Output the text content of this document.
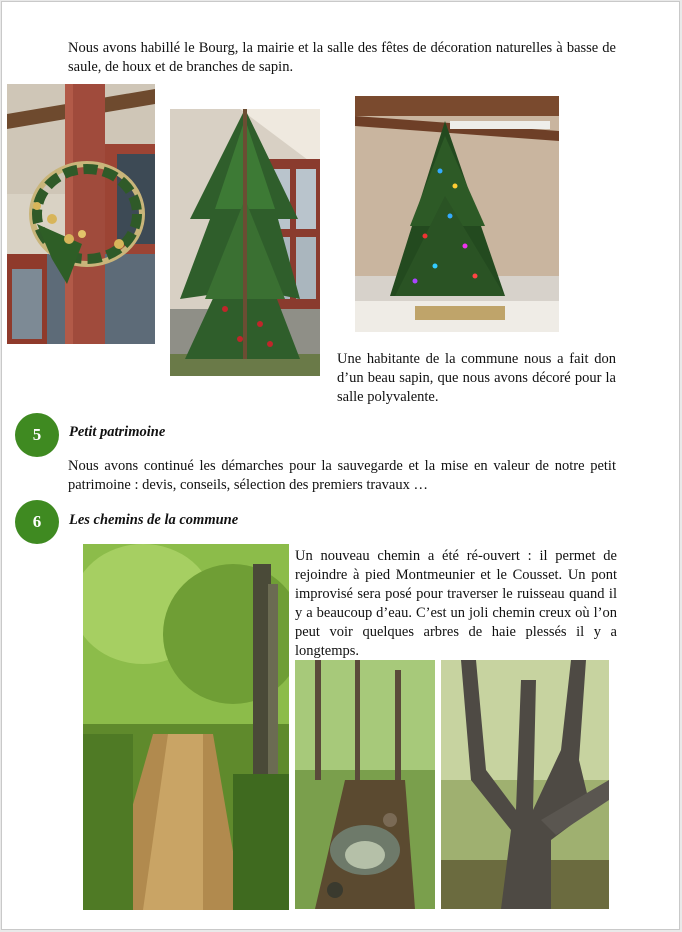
Nous avons habillé le Bourg, la mairie et la salle des fêtes de décoration naturelles à basse de saule, de houx et de branches de sapin.

Une habitante de la commune nous a fait don d’un beau sapin, que nous avons décoré pour la salle polyvalente.

5	Petit patrimoine

Nous avons continué les démarches pour la sauvegarde et la mise en valeur de notre petit patrimoine : devis, conseils, sélection des premiers travaux …

6	Les chemins de la commune

Un nouveau chemin a été ré-ouvert : il permet de rejoindre à pied Montmeunier et le Cousset. Un pont improvisé sera posé pour traverser le ruisseau quand il y a beaucoup d’eau. C’est un joli chemin creux où l’on peut voir quelques arbres de haie plessés il y a longtemps.
